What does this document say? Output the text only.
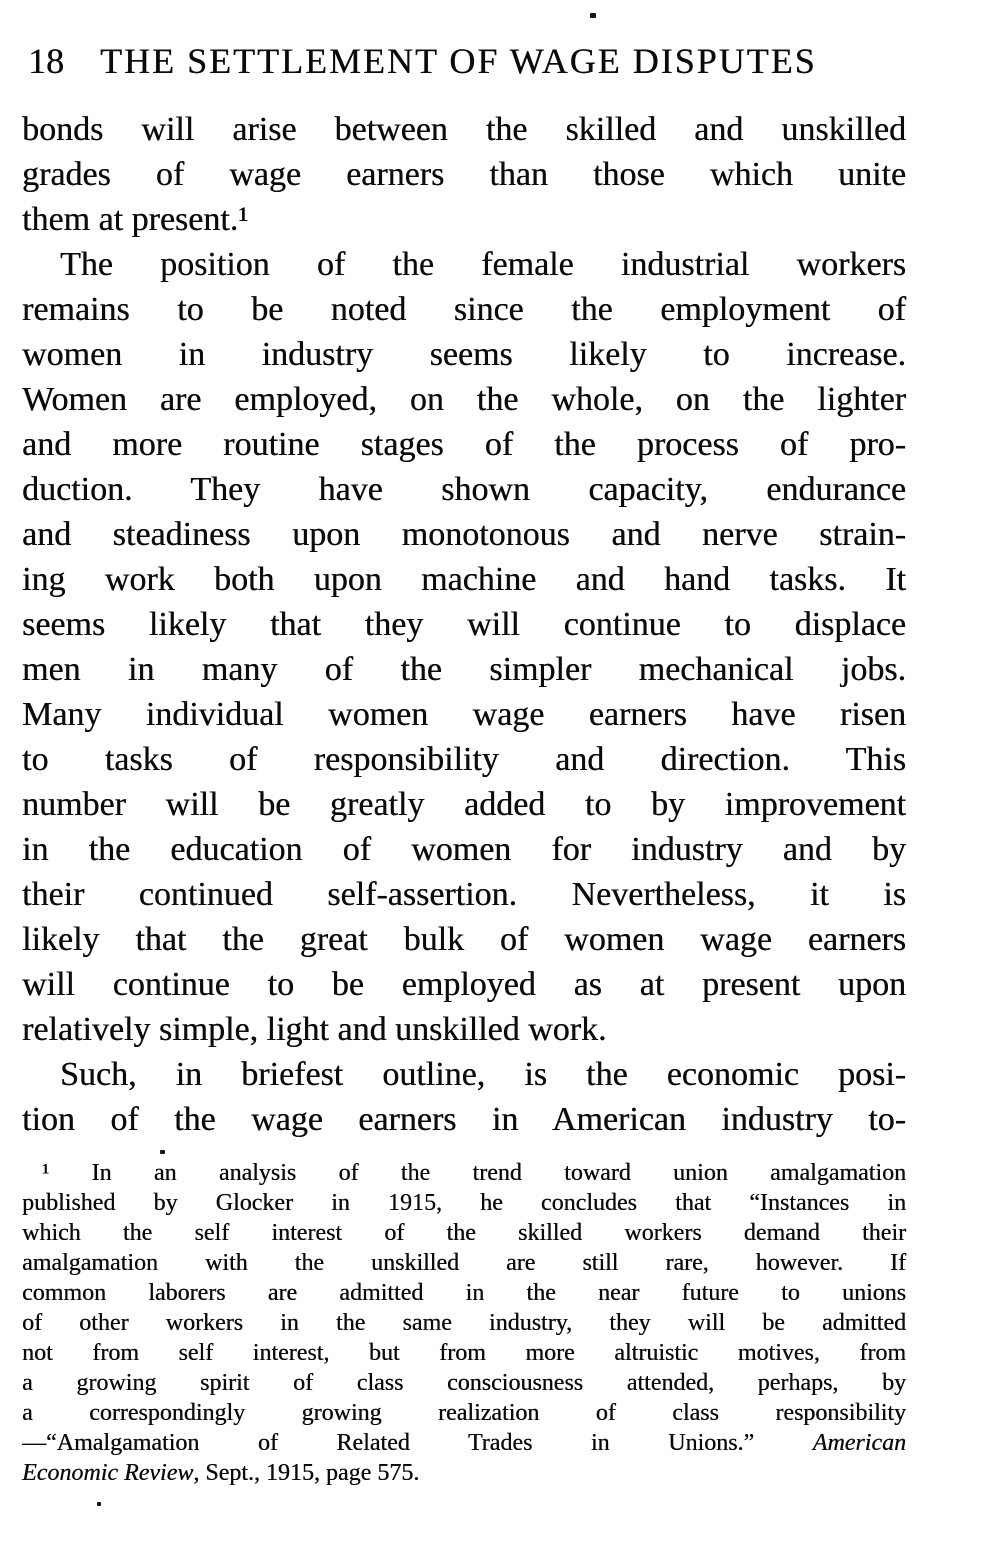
18 THE SETTLEMENT OF WAGE DISPUTES
bonds will arise between the skilled and unskilled
grades of wage earners than those which unite
them at present.¹
The position of the female industrial workers
remains to be noted since the employment of
women in industry seems likely to increase.
Women are employed, on the whole, on the lighter
and more routine stages of the process of pro-
duction. They have shown capacity, endurance
and steadiness upon monotonous and nerve strain-
ing work both upon machine and hand tasks. It
seems likely that they will continue to displace
men in many of the simpler mechanical jobs.
Many individual women wage earners have risen
to tasks of responsibility and direction. This
number will be greatly added to by improvement
in the education of women for industry and by
their continued self-assertion. Nevertheless, it is
likely that the great bulk of women wage earners
will continue to be employed as at present upon
relatively simple, light and unskilled work.
Such, in briefest outline, is the economic posi-
tion of the wage earners in American industry to-
¹ In an analysis of the trend toward union amalgamation
published by Glocker in 1915, he concludes that “Instances in
which the self interest of the skilled workers demand their
amalgamation with the unskilled are still rare, however. If
common laborers are admitted in the near future to unions
of other workers in the same industry, they will be admitted
not from self interest, but from more altruistic motives, from
a growing spirit of class consciousness attended, perhaps, by
a correspondingly growing realization of class responsibility
—“Amalgamation of Related Trades in Unions.” American
Economic Review, Sept., 1915, page 575.
